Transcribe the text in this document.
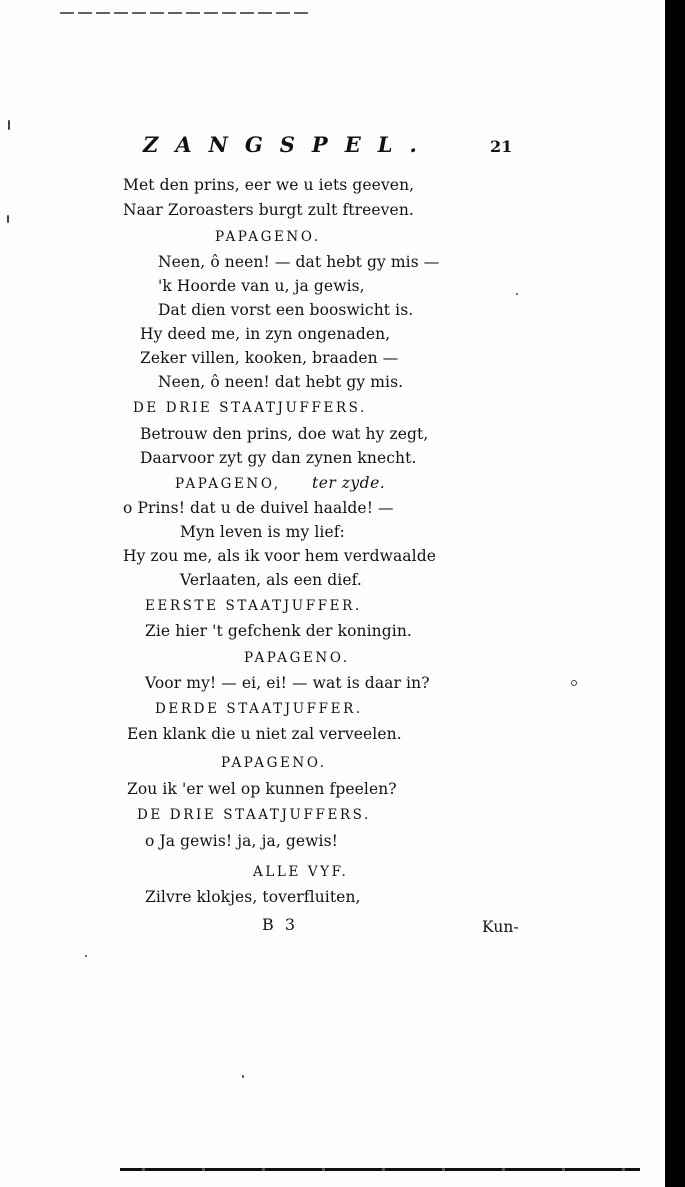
ZANGSPEL.	21
Met den prins, eer we u iets geeven,
Naar Zoroasters burgt zult ftreeven.
PAPAGENO.
Neen, ô neen! — dat hebt gy mis —
'k Hoorde van u, ja gewis,
Dat dien vorst een booswicht is.
Hy deed me, in zyn ongenaden,
Zeker villen, kooken, braaden —
Neen, ô neen! dat hebt gy mis.
DE DRIE STAATJUFFERS.
Betrouw den prins, doe wat hy zegt,
Daarvoor zyt gy dan zynen knecht.
PAPAGENO, ter zyde.
o Prins! dat u de duivel haalde! —
Myn leven is my lief:
Hy zou me, als ik voor hem verdwaalde
Verlaaten, als een dief.
EERSTE STAATJUFFER.
Zie hier 't gefchenk der koningin.
PAPAGENO.
Voor my! — ei, ei! — wat is daar in?
DERDE STAATJUFFER.
Een klank die u niet zal verveelen.
PAPAGENO.
Zou ik 'er wel op kunnen fpeelen?
DE DRIE STAATJUFFERS.
o Ja gewis! ja, ja, gewis!
ALLE VYF.
Zilvre klokjes, toverfluiten,
B 3	Kun-
